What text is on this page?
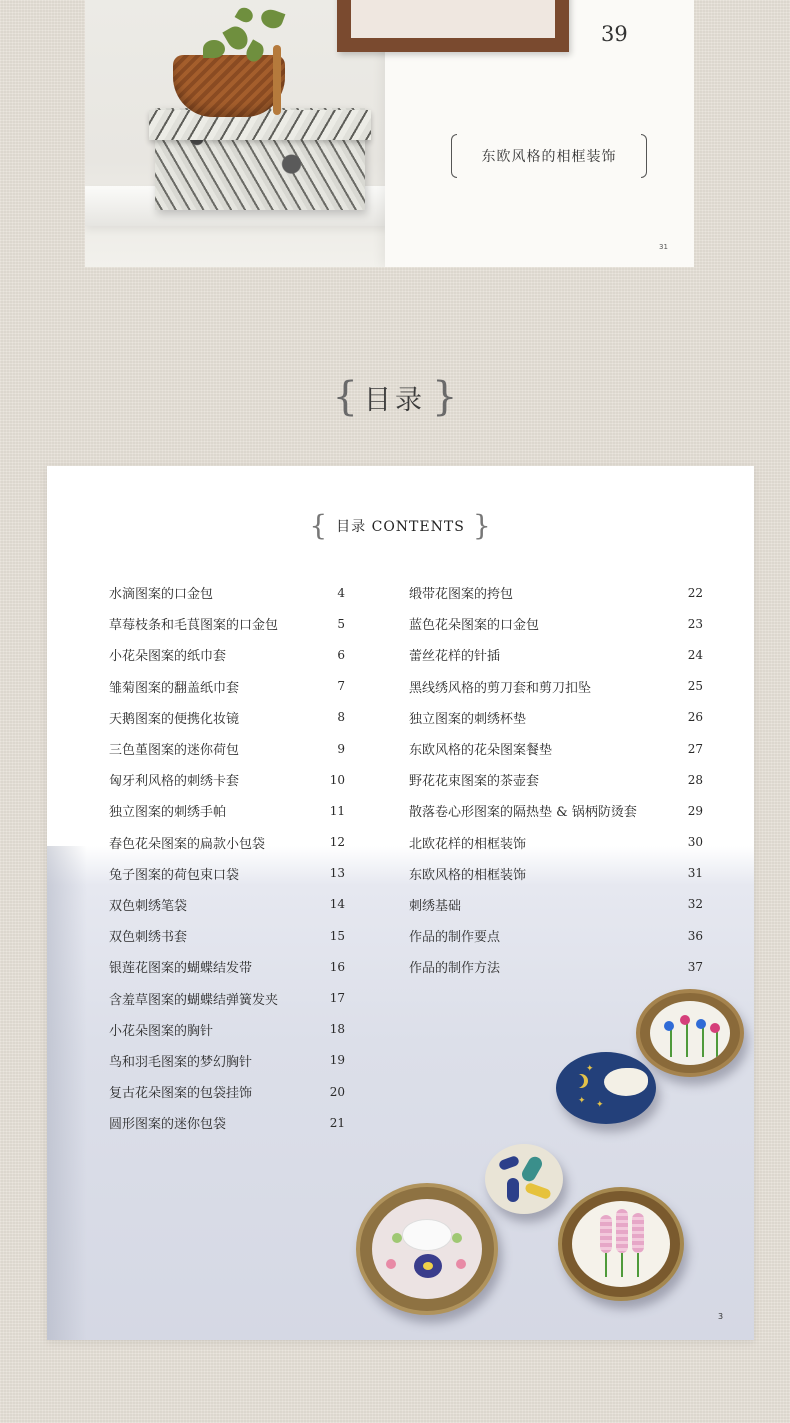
39
东欧风格的相框装饰
31
{ 目录 }
{ 目录 CONTENTS }
水滴图案的口金包	4
草莓枝条和毛茛图案的口金包	5
小花朵图案的纸巾套	6
雏菊图案的翻盖纸巾套	7
天鹅图案的便携化妆镜	8
三色堇图案的迷你荷包	9
匈牙利风格的刺绣卡套	10
独立图案的刺绣手帕	11
春色花朵图案的扁款小包袋	12
兔子图案的荷包束口袋	13
双色刺绣笔袋	14
双色刺绣书套	15
银莲花图案的蝴蝶结发带	16
含羞草图案的蝴蝶结弹簧发夹	17
小花朵图案的胸针	18
鸟和羽毛图案的梦幻胸针	19
复古花朵图案的包袋挂饰	20
圆形图案的迷你包袋	21
缎带花图案的挎包	22
蓝色花朵图案的口金包	23
蕾丝花样的针插	24
黑线绣风格的剪刀套和剪刀扣坠	25
独立图案的刺绣杯垫	26
东欧风格的花朵图案餐垫	27
野花花束图案的茶壶套	28
散落卷心形图案的隔热垫 & 锅柄防烫套	29
北欧花样的相框装饰	30
东欧风格的相框装饰	31
刺绣基础	32
作品的制作要点	36
作品的制作方法	37
✦
✦
✦
3
